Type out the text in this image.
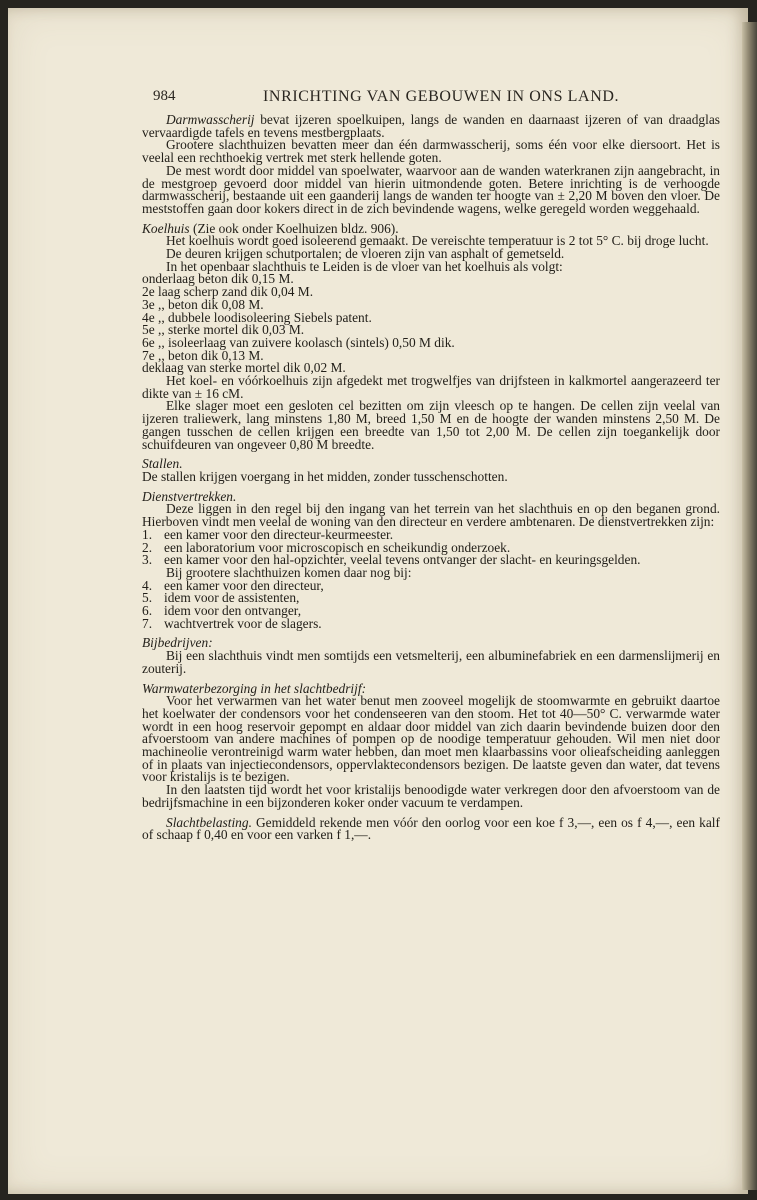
984	INRICHTING VAN GEBOUWEN IN ONS LAND.

Darmwasscherij bevat ijzeren spoelkuipen, langs de wanden en daarnaast ijzeren of van draadglas vervaardigde tafels en tevens mestbergplaats.

Grootere slachthuizen bevatten meer dan één darmwasscherij, soms één voor elke diersoort. Het is veelal een rechthoekig vertrek met sterk hellende goten.

De mest wordt door middel van spoelwater, waarvoor aan de wanden waterkranen zijn aangebracht, in de mestgroep gevoerd door middel van hierin uitmondende goten. Betere inrichting is de verhoogde darmwasscherij, bestaande uit een gaanderij langs de wanden ter hoogte van ± 2,20 M boven den vloer. De meststoffen gaan door kokers direct in de zich bevindende wagens, welke geregeld worden weggehaald.

Koelhuis (Zie ook onder Koelhuizen bldz. 906).

Het koelhuis wordt goed isoleerend gemaakt. De vereischte temperatuur is 2 tot 5° C. bij droge lucht.

De deuren krijgen schutportalen; de vloeren zijn van asphalt of gemetseld.

In het openbaar slachthuis te Leiden is de vloer van het koelhuis als volgt:

onderlaag beton dik 0,15 M.

2e laag scherp zand dik 0,04 M.

3e ,, beton dik 0,08 M.

4e ,, dubbele loodisoleering Siebels patent.

5e ,, sterke mortel dik 0,03 M.

6e ,, isoleerlaag van zuivere koolasch (sintels) 0,50 M dik.

7e ,, beton dik 0,13 M.

deklaag van sterke mortel dik 0,02 M.

Het koel- en vóórkoelhuis zijn afgedekt met trogwelfjes van drijfsteen in kalkmortel aangerazeerd ter dikte van ± 16 cM.

Elke slager moet een gesloten cel bezitten om zijn vleesch op te hangen. De cellen zijn veelal van ijzeren traliewerk, lang minstens 1,80 M, breed 1,50 M en de hoogte der wanden minstens 2,50 M. De gangen tusschen de cellen krijgen een breedte van 1,50 tot 2,00 M. De cellen zijn toegankelijk door schuifdeuren van ongeveer 0,80 M breedte.

Stallen.

De stallen krijgen voergang in het midden, zonder tusschenschotten.

Dienstvertrekken.

Deze liggen in den regel bij den ingang van het terrein van het slachthuis en op den beganen grond. Hierboven vindt men veelal de woning van den directeur en verdere ambtenaren. De dienstvertrekken zijn:

1. een kamer voor den directeur-keurmeester.

2. een laboratorium voor microscopisch en scheikundig onderzoek.

3. een kamer voor den hal-opzichter, veelal tevens ontvanger der slacht- en keuringsgelden.

Bij grootere slachthuizen komen daar nog bij:

4. een kamer voor den directeur,

5. idem voor de assistenten,

6. idem voor den ontvanger,

7. wachtvertrek voor de slagers.

Bijbedrijven:

Bij een slachthuis vindt men somtijds een vetsmelterij, een albuminefabriek en een darmenslijmerij en zouterij.

Warmwaterbezorging in het slachtbedrijf:

Voor het verwarmen van het water benut men zooveel mogelijk de stoomwarmte en gebruikt daartoe het koelwater der condensors voor het condenseeren van den stoom. Het tot 40—50° C. verwarmde water wordt in een hoog reservoir gepompt en aldaar door middel van zich daarin bevindende buizen door den afvoerstoom van andere machines of pompen op de noodige temperatuur gehouden. Wil men niet door machineolie verontreinigd warm water hebben, dan moet men klaarbassins voor olieafscheiding aanleggen of in plaats van injectiecondensors, oppervlaktecondensors bezigen. De laatste geven dan water, dat tevens voor kristalijs is te bezigen.

In den laatsten tijd wordt het voor kristalijs benoodigde water verkregen door den afvoerstoom van de bedrijfsmachine in een bijzonderen koker onder vacuum te verdampen.

Slachtbelasting. Gemiddeld rekende men vóór den oorlog voor een koe f 3,—, een os f 4,—, een kalf of schaap f 0,40 en voor een varken f 1,—.
